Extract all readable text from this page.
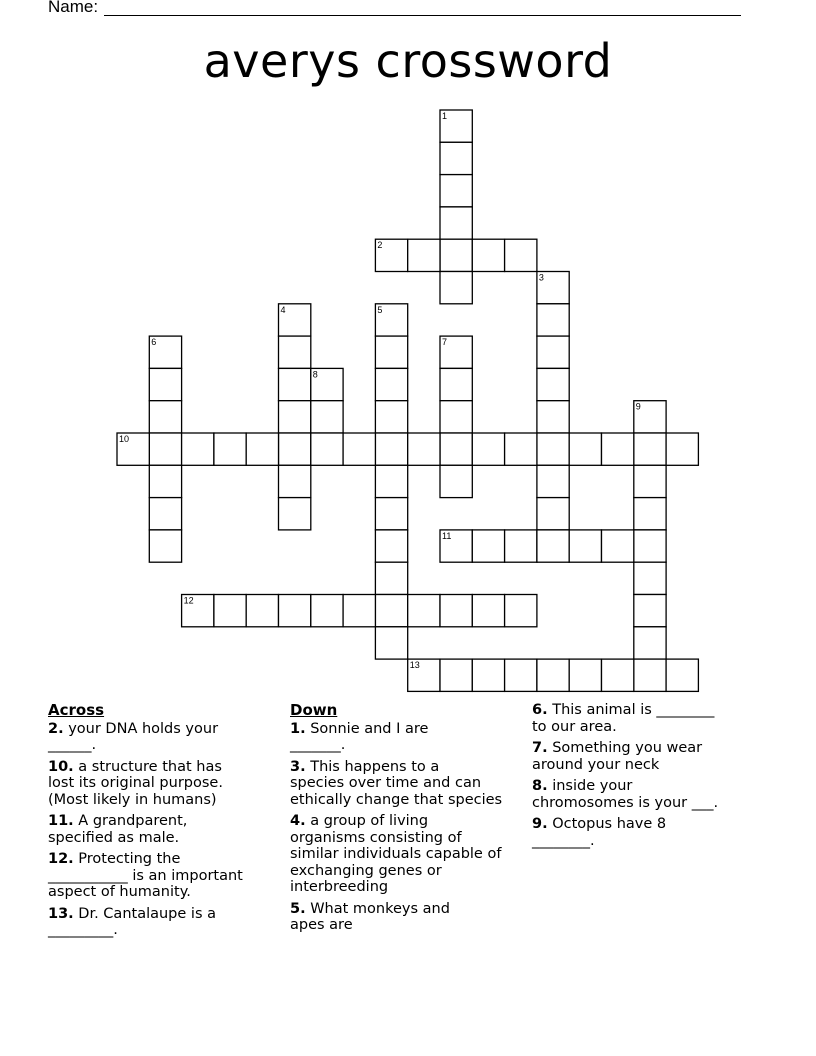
Name:
averys crossword
1
2
3
4	5
6	7
8
9
10
11
12
13
Across
2. your DNA holds your
______.
10. a structure that has
lost its original purpose.
(Most likely in humans)
11. A grandparent,
specified as male.
12. Protecting the
___________ is an important
aspect of humanity.
13. Dr. Cantalaupe is a
_________.
Down
1. Sonnie and I are
_______.
3. This happens to a
species over time and can
ethically change that species
4. a group of living
organisms consisting of
similar individuals capable of
exchanging genes or
interbreeding
5. What monkeys and
apes are
6. This animal is ________
to our area.
7. Something you wear
around your neck
8. inside your
chromosomes is your ___.
9. Octopus have 8
________.
